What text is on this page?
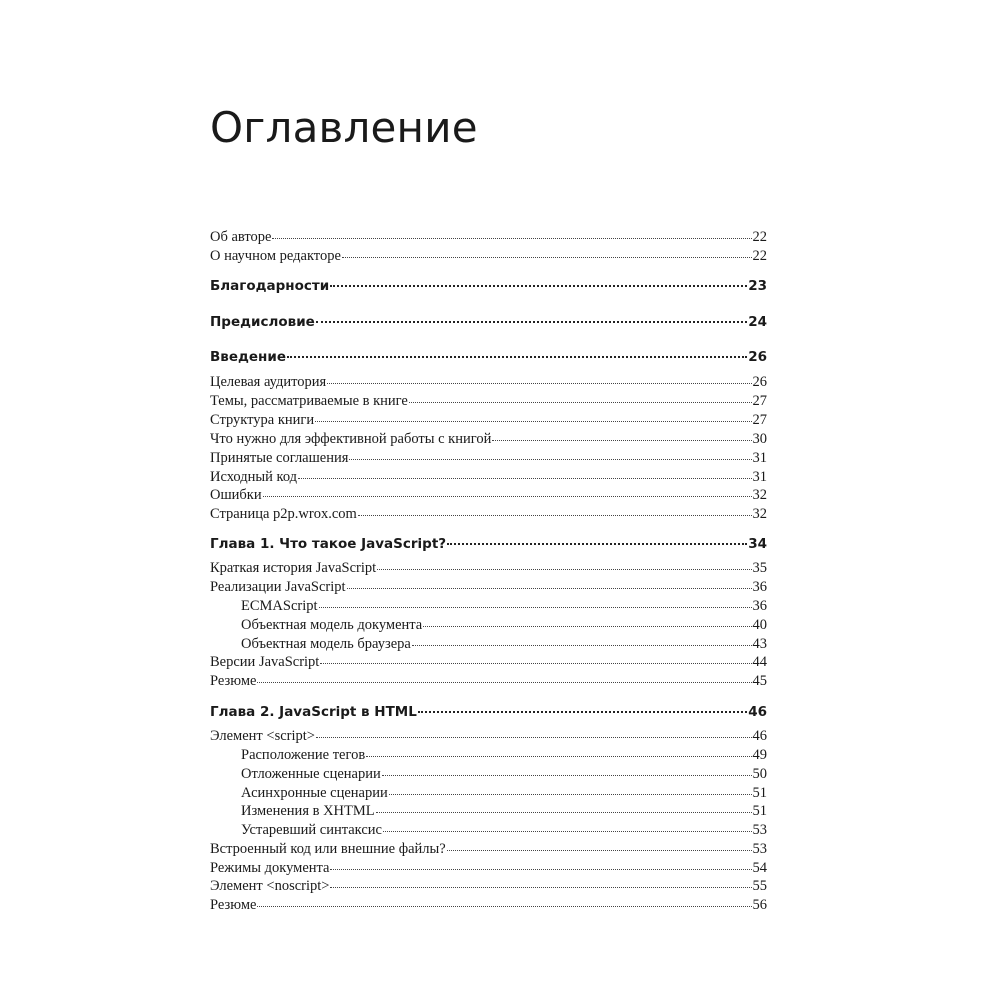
Оглавление
Об авторе	22
О научном редакторе	22
Благодарности	23
Предисловие	24
Введение	26
Целевая аудитория	26
Темы, рассматриваемые в книге	27
Структура книги	27
Что нужно для эффективной работы с книгой	30
Принятые соглашения	31
Исходный код	31
Ошибки	32
Страница p2p.wrox.com	32
Глава 1. Что такое JavaScript?	34
Краткая история JavaScript	35
Реализации JavaScript	36
ECMAScript	36
Объектная модель документа	40
Объектная модель браузера	43
Версии JavaScript	44
Резюме	45
Глава 2. JavaScript в HTML	46
Элемент <script>	46
Расположение тегов	49
Отложенные сценарии	50
Асинхронные сценарии	51
Изменения в XHTML	51
Устаревший синтаксис	53
Встроенный код или внешние файлы?	53
Режимы документа	54
Элемент <noscript>	55
Резюме	56
